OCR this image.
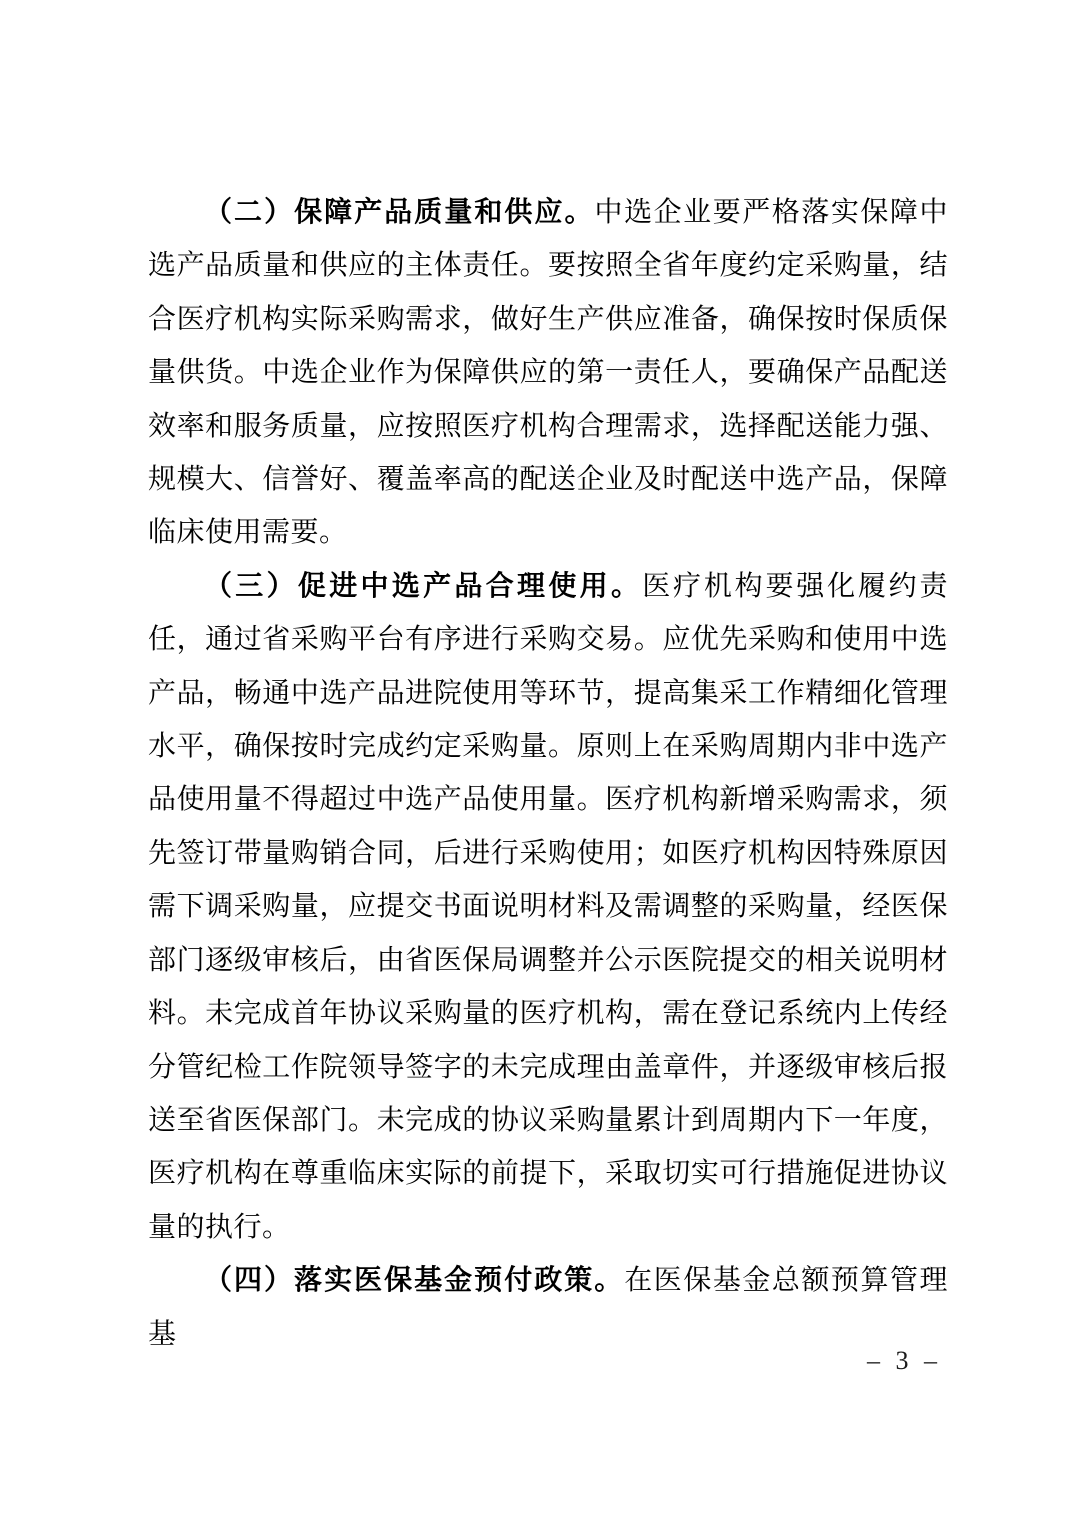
（二）保障产品质量和供应。中选企业要严格落实保障中选产品质量和供应的主体责任。要按照全省年度约定采购量，结合医疗机构实际采购需求，做好生产供应准备，确保按时保质保量供货。中选企业作为保障供应的第一责任人，要确保产品配送效率和服务质量，应按照医疗机构合理需求，选择配送能力强、规模大、信誉好、覆盖率高的配送企业及时配送中选产品，保障临床使用需要。

（三）促进中选产品合理使用。医疗机构要强化履约责任，通过省采购平台有序进行采购交易。应优先采购和使用中选产品，畅通中选产品进院使用等环节，提高集采工作精细化管理水平，确保按时完成约定采购量。原则上在采购周期内非中选产品使用量不得超过中选产品使用量。医疗机构新增采购需求，须先签订带量购销合同，后进行采购使用；如医疗机构因特殊原因需下调采购量，应提交书面说明材料及需调整的采购量，经医保部门逐级审核后，由省医保局调整并公示医院提交的相关说明材料。未完成首年协议采购量的医疗机构，需在登记系统内上传经分管纪检工作院领导签字的未完成理由盖章件，并逐级审核后报送至省医保部门。未完成的协议采购量累计到周期内下一年度，医疗机构在尊重临床实际的前提下，采取切实可行措施促进协议量的执行。

（四）落实医保基金预付政策。在医保基金总额预算管理基

– 3 –
